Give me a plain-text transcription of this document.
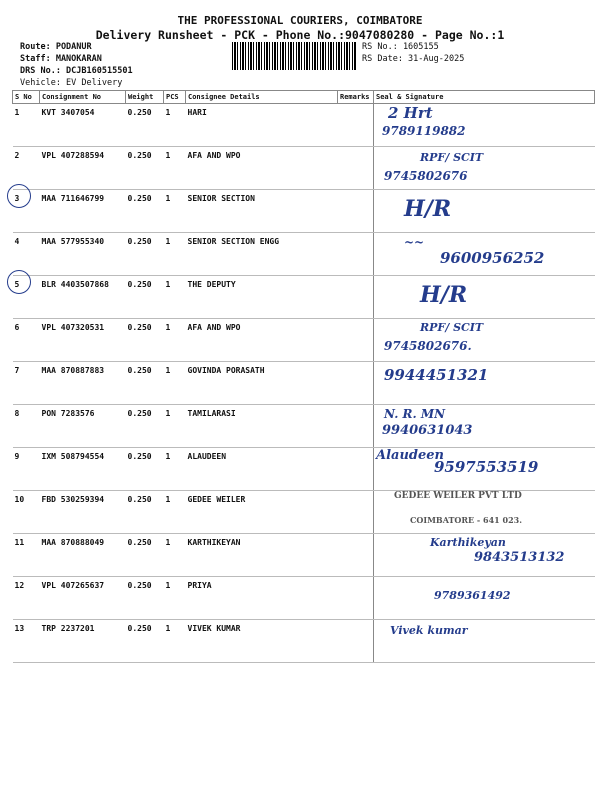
THE PROFESSIONAL COURIERS, COIMBATORE
Delivery Runsheet - PCK - Phone No.:9047080280 - Page No.:1
Route: PODANUR
Staff: MANOKARAN
DRS No.: DCJB160515501
Vehicle: EV Delivery
RS No.: 1605155
RS Date: 31-Aug-2025
S No	Consignment No	Weight	PCS	Consignee Details	Remarks	Seal & Signature
1	KVT 3407054	0.250	1	HARI		2 Hrt
9789119882

2	VPL 407288594	0.250	1	AFA AND WPO		RPF/ SCIT
9745802676

3	MAA 711646799	0.250	1	SENIOR SECTION		H/R

4	MAA 577955340	0.250	1	SENIOR SECTION ENGG		~~
9600956252

5	BLR 4403507868	0.250	1	THE DEPUTY		H/R

6	VPL 407320531	0.250	1	AFA AND WPO		RPF/ SCIT
9745802676.

7	MAA 870887883	0.250	1	GOVINDA PORASATH		9944451321

8	PON 7283576	0.250	1	TAMILARASI		N. R. MN
9940631043

9	IXM 508794554	0.250	1	ALAUDEEN		Alaudeen
9597553519

10	FBD 530259394	0.250	1	GEDEE WEILER		GEDEE WEILER PVT LTD
COIMBATORE - 641 023.

11	MAA 870888049	0.250	1	KARTHIKEYAN		Karthikeyan
9843513132

12	VPL 407265637	0.250	1	PRIYA		9789361492

13	TRP 2237201	0.250	1	VIVEK KUMAR		Vivek kumar
